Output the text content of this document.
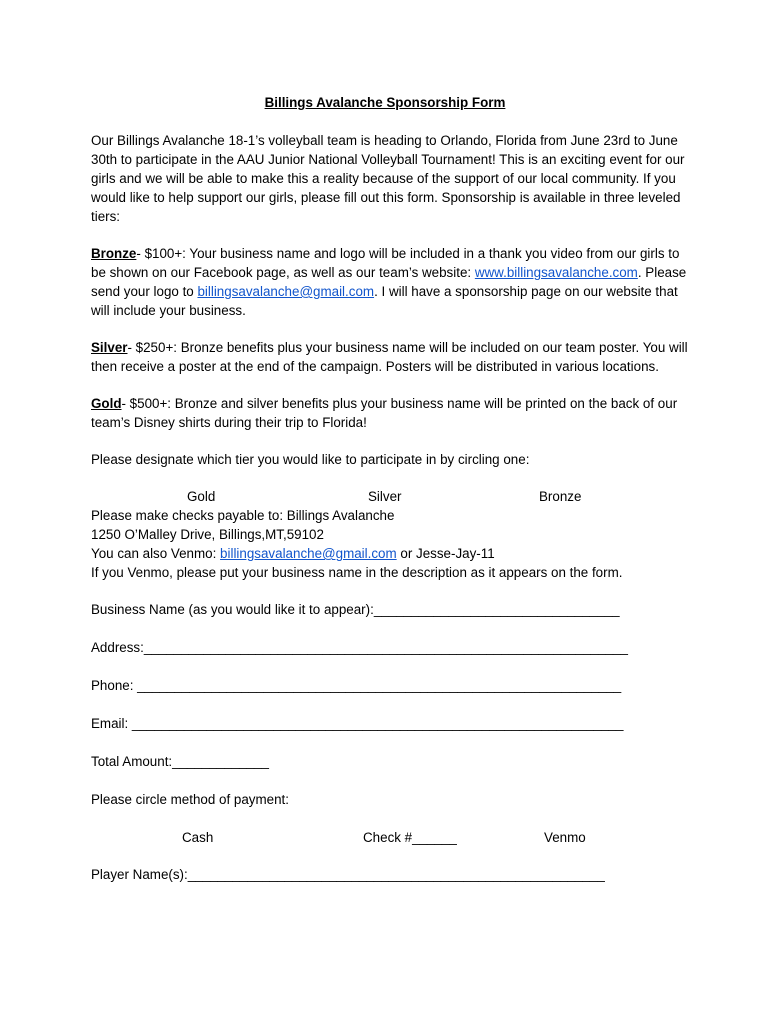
Billings Avalanche Sponsorship Form

Our Billings Avalanche 18-1’s volleyball team is heading to Orlando, Florida from June 23rd to June 30th to participate in the AAU Junior National Volleyball Tournament! This is an exciting event for our girls and we will be able to make this a reality because of the support of our local community. If you would like to help support our girls, please fill out this form. Sponsorship is available in three leveled tiers:

Bronze- $100+: Your business name and logo will be included in a thank you video from our girls to be shown on our Facebook page, as well as our team’s website: www.billingsavalanche.com. Please send your logo to billingsavalanche@gmail.com. I will have a sponsorship page on our website that will include your business.

Silver- $250+: Bronze benefits plus your business name will be included on our team poster. You will then receive a poster at the end of the campaign. Posters will be distributed in various locations.

Gold- $500+: Bronze and silver benefits plus your business name will be printed on the back of our team’s Disney shirts during their trip to Florida!

Please designate which tier you would like to participate in by circling one:

Gold	Silver	Bronze
Please make checks payable to: Billings Avalanche
1250 O’Malley Drive, Billings,MT,59102
You can also Venmo: billingsavalanche@gmail.com or Jesse-Jay-11
If you Venmo, please put your business name in the description as it appears on the form.
Business Name (as you would like it to appear):_________________________________
Address:_________________________________________________________________
Phone: _________________________________________________________________
Email: __________________________________________________________________
Total Amount:_____________
Please circle method of payment:
Cash	Check #______	Venmo
Player Name(s):________________________________________________________
